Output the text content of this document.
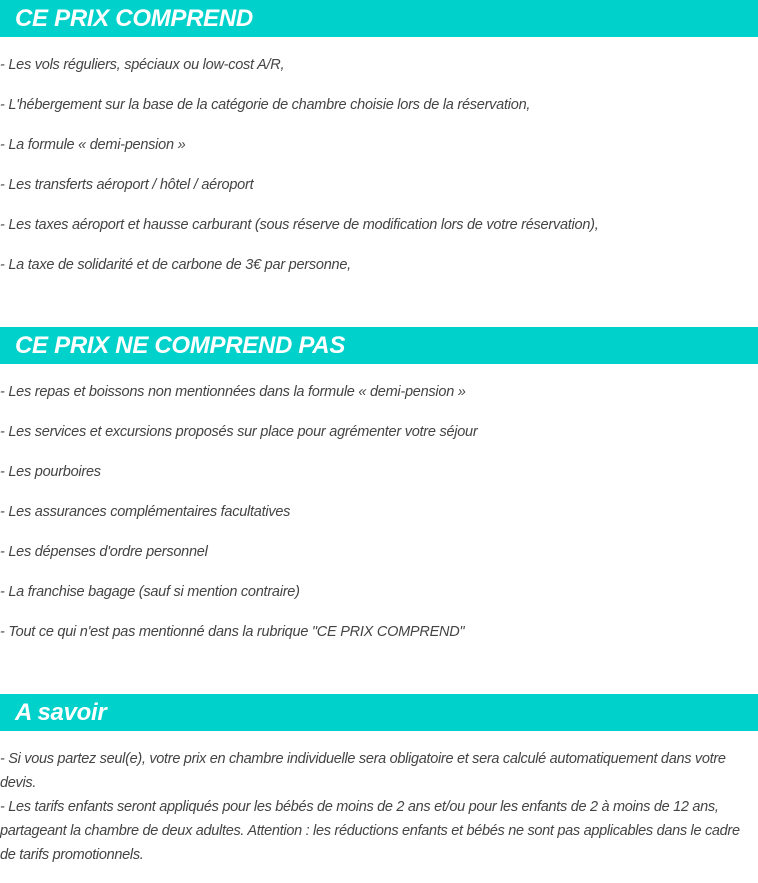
CE PRIX COMPREND
- Les vols réguliers, spéciaux ou low-cost A/R,
- L'hébergement sur la base de la catégorie de chambre choisie lors de la réservation,
- La formule « demi-pension »
- Les transferts aéroport / hôtel / aéroport
- Les taxes aéroport et hausse carburant (sous réserve de modification lors de votre réservation),
- La taxe de solidarité et de carbone de 3€ par personne,
CE PRIX NE COMPREND PAS
- Les repas et boissons non mentionnées dans la formule « demi-pension »
- Les services et excursions proposés sur place pour agrémenter votre séjour
- Les pourboires
- Les assurances complémentaires facultatives
- Les dépenses d'ordre personnel
- La franchise bagage (sauf si mention contraire)
- Tout ce qui n'est pas mentionné dans la rubrique "CE PRIX COMPREND"
A savoir
- Si vous partez seul(e), votre prix en chambre individuelle sera obligatoire et sera calculé automatiquement dans votre devis.
- Les tarifs enfants seront appliqués pour les bébés de moins de 2 ans et/ou pour les enfants de 2 à moins de 12 ans, partageant la chambre de deux adultes. Attention : les réductions enfants et bébés ne sont pas applicables dans le cadre de tarifs promotionnels.
